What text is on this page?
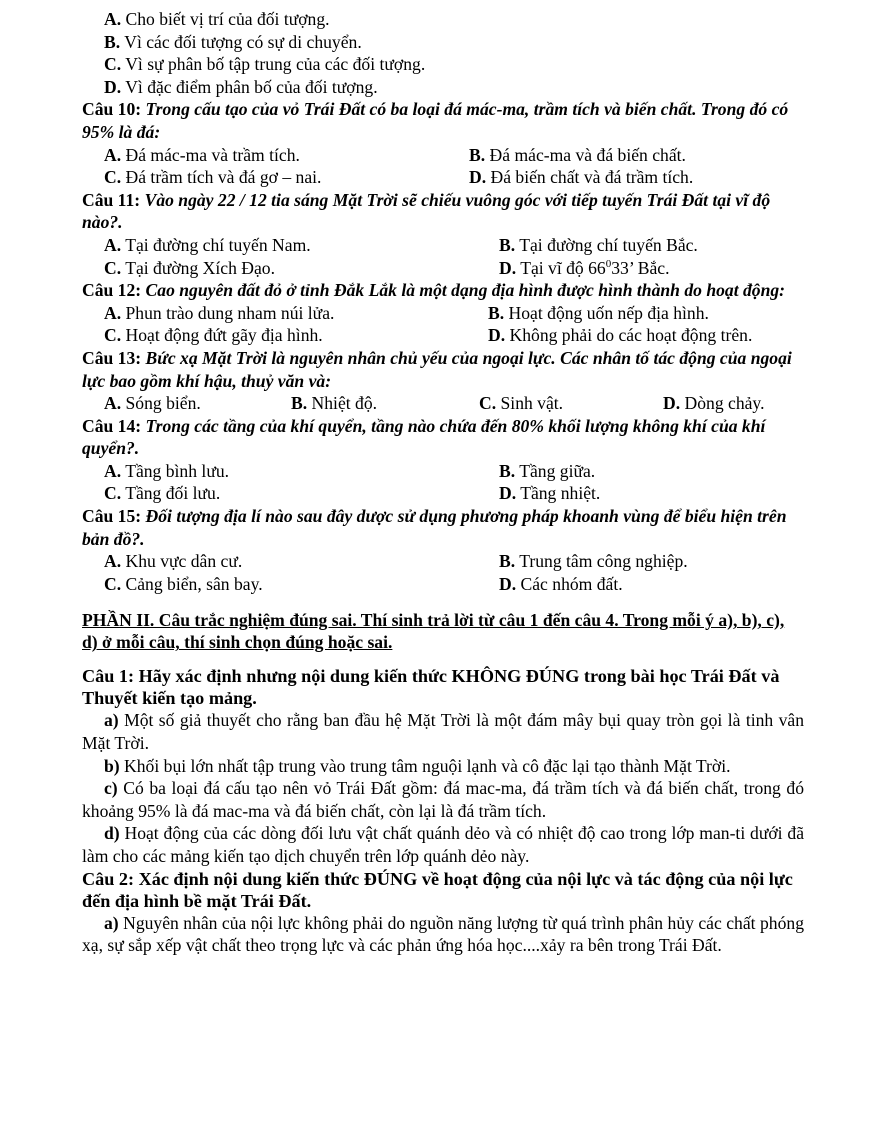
A. Cho biết vị trí của đối tượng.

B. Vì các đối tượng có sự di chuyển.

C. Vì sự phân bố tập trung của các đối tượng.

D. Vì đặc điểm phân bố của đối tượng.

Câu 10: Trong cấu tạo của vỏ Trái Đất có ba loại đá mác-ma, trầm tích và biến chất. Trong đó có 95% là đá:

A. Đá mác-ma và trầm tích.	B. Đá mác-ma và đá biến chất.
C. Đá trầm tích và đá gơ – nai.	D. Đá biến chất và đá trầm tích.

Câu 11: Vào ngày 22 / 12 tia sáng Mặt Trời sẽ chiếu vuông góc với tiếp tuyến Trái Đất tại vĩ độ nào?.

A. Tại đường chí tuyến Nam.	B. Tại đường chí tuyến Bắc.
C. Tại đường Xích Đạo.	D. Tại vĩ độ $66^033$’ Bắc.

Câu 12: Cao nguyên đất đỏ ở tỉnh Đắk Lắk là một dạng địa hình được hình thành do hoạt động:

A. Phun trào dung nham núi lửa.	B. Hoạt động uốn nếp địa hình.
C. Hoạt động đứt gãy địa hình.	D. Không phải do các hoạt động trên.

Câu 13: Bức xạ Mặt Trời là nguyên nhân chủ yếu của ngoại lực. Các nhân tố tác động của ngoại lực bao gồm khí hậu, thuỷ văn và:

A. Sóng biển.	B. Nhiệt độ.	C. Sinh vật.	D. Dòng chảy.

Câu 14: Trong các tầng của khí quyển, tầng nào chứa đến 80% khối lượng không khí của khí quyển?.

A. Tầng bình lưu.	B. Tầng giữa.
C. Tầng đối lưu.	D. Tầng nhiệt.

Câu 15: Đối tượng địa lí nào sau đây dược sử dụng phương pháp khoanh vùng để biểu hiện trên bản đồ?.

A. Khu vực dân cư.	B. Trung tâm công nghiệp.
C. Cảng biển, sân bay.	D. Các nhóm đất.

PHẦN II. Câu trắc nghiệm đúng sai. Thí sinh trả lời từ câu 1 đến câu 4. Trong mỗi ý a), b), c), d) ở mỗi câu, thí sinh chọn đúng hoặc sai.

Câu 1: Hãy xác định nhưng nội dung kiến thức KHÔNG ĐÚNG trong bài học Trái Đất và Thuyết kiến tạo mảng.

a) Một số giả thuyết cho rằng ban đầu hệ Mặt Trời là một đám mây bụi quay tròn gọi là tinh vân Mặt Trời.

b) Khối bụi lớn nhất tập trung vào trung tâm nguội lạnh và cô đặc lại tạo thành Mặt Trời.

c) Có ba loại đá cấu tạo nên vỏ Trái Đất gồm: đá mac-ma, đá trầm tích và đá biến chất, trong đó khoảng 95% là đá mac-ma và đá biến chất, còn lại là đá trầm tích.

d) Hoạt động của các dòng đối lưu vật chất quánh dẻo và có nhiệt độ cao trong lớp man-ti dưới đã làm cho các mảng kiến tạo dịch chuyển trên lớp quánh dẻo này.

Câu 2: Xác định nội dung kiến thức ĐÚNG về hoạt động của nội lực và tác động của nội lực đến địa hình bề mặt Trái Đất.

a) Nguyên nhân của nội lực không phải do nguồn năng lượng từ quá trình phân hủy các chất phóng xạ, sự sắp xếp vật chất theo trọng lực và các phản ứng hóa học....xảy ra bên trong Trái Đất.
